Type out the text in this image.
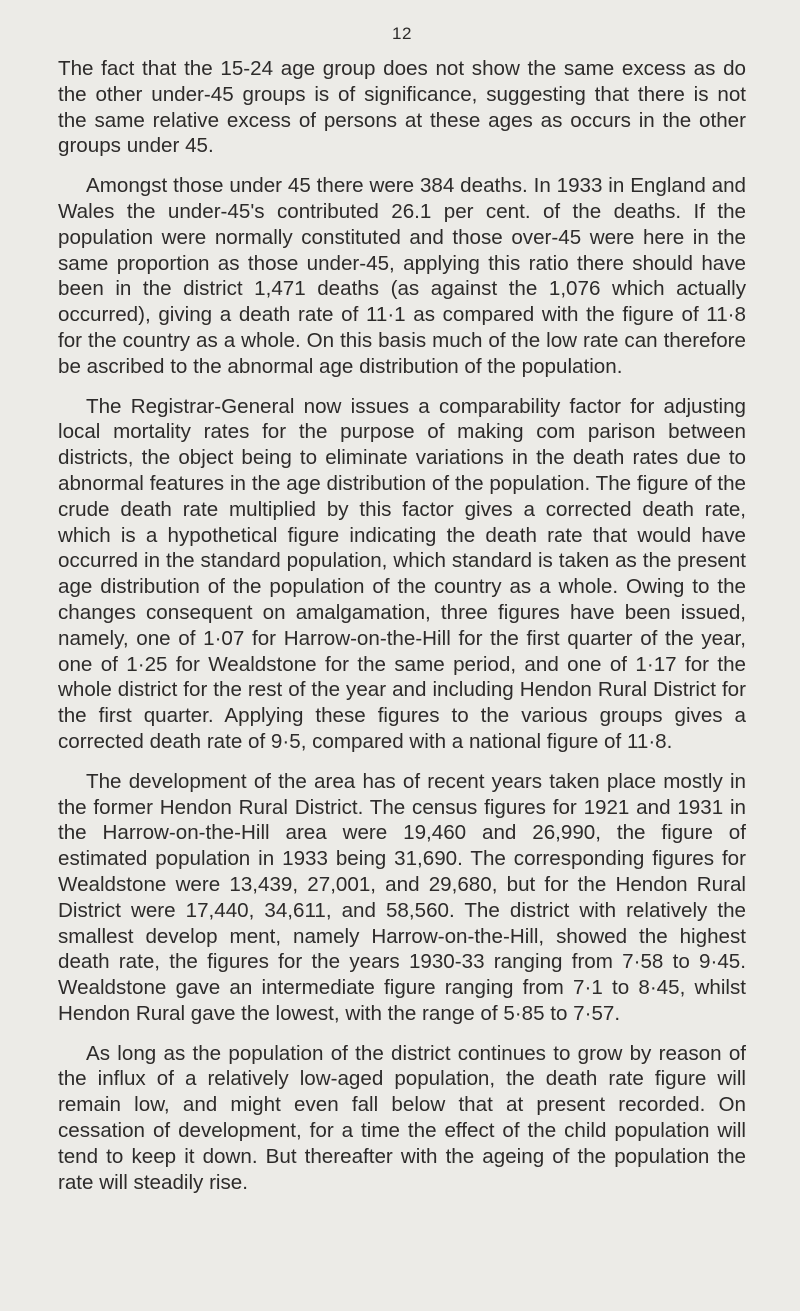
12

The fact that the 15-24 age group does not show the same excess as do the other under-45 groups is of significance, suggesting that there is not the same relative excess of persons at these ages as occurs in the other groups under 45.

Amongst those under 45 there were 384 deaths. In 1933 in England and Wales the under-45's contributed 26.1 per cent. of the deaths. If the population were normally constituted and those over-45 were here in the same proportion as those under-45, applying this ratio there should have been in the district 1,471 deaths (as against the 1,076 which actually occurred), giving a death rate of 11·1 as compared with the figure of 11·8 for the country as a whole. On this basis much of the low rate can therefore be ascribed to the abnormal age distribution of the population.

The Registrar-General now issues a comparability factor for adjusting local mortality rates for the purpose of making com parison between districts, the object being to eliminate variations in the death rates due to abnormal features in the age distribution of the population. The figure of the crude death rate multiplied by this factor gives a corrected death rate, which is a hypothetical figure indicating the death rate that would have occurred in the standard population, which standard is taken as the present age distribution of the population of the country as a whole. Owing to the changes consequent on amalgamation, three figures have been issued, namely, one of 1·07 for Harrow-on-the-Hill for the first quarter of the year, one of 1·25 for Wealdstone for the same period, and one of 1·17 for the whole district for the rest of the year and including Hendon Rural District for the first quarter. Applying these figures to the various groups gives a corrected death rate of 9·5, compared with a national figure of 11·8.

The development of the area has of recent years taken place mostly in the former Hendon Rural District. The census figures for 1921 and 1931 in the Harrow-on-the-Hill area were 19,460 and 26,990, the figure of estimated population in 1933 being 31,690. The corresponding figures for Wealdstone were 13,439, 27,001, and 29,680, but for the Hendon Rural District were 17,440, 34,611, and 58,560. The district with relatively the smallest develop ment, namely Harrow-on-the-Hill, showed the highest death rate, the figures for the years 1930-33 ranging from 7·58 to 9·45. Wealdstone gave an intermediate figure ranging from 7·1 to 8·45, whilst Hendon Rural gave the lowest, with the range of 5·85 to 7·57.

As long as the population of the district continues to grow by reason of the influx of a relatively low-aged population, the death rate figure will remain low, and might even fall below that at present recorded. On cessation of development, for a time the effect of the child population will tend to keep it down. But thereafter with the ageing of the population the rate will steadily rise.
